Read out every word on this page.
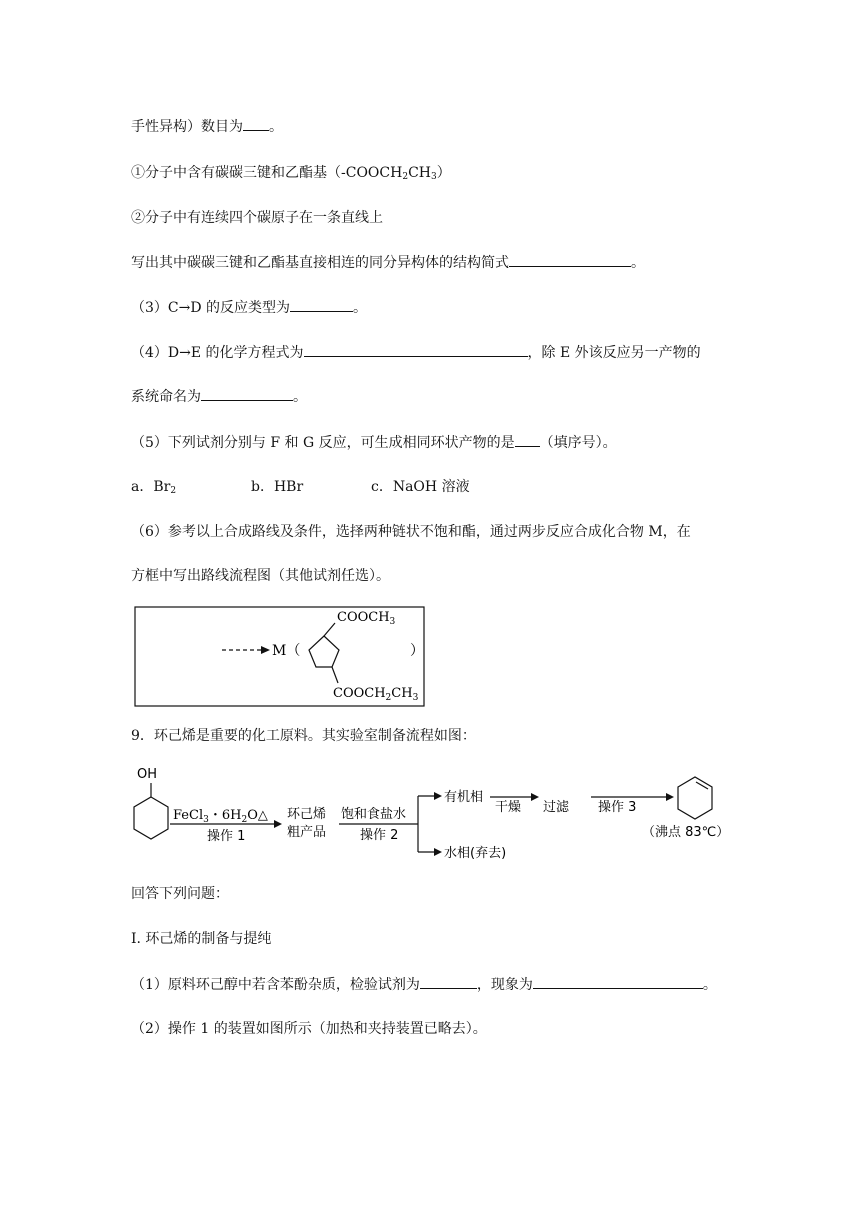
手性异构）数目为 。
①分子中含有碳碳三键和乙酯基$(-COOCH_2CH_3)$
②分子中有连续四个碳原子在一条直线上
写出其中碳碳三键和乙酯基直接相连的同分异构体的结构简式	。
（3）C→D 的反应类型为	。
（4）D→E 的化学方程式为	，除 E 外该反应另一产物的
系统命名为	。
（5）下列试剂分别与 F 和 G 反应，可生成相同环状产物的是 （填序号）。
a．$Br_2$	b．HBr	c．NaOH 溶液
（6）参考以上合成路线及条件，选择两种链状不饱和酯，通过两步反应合成化合物 M，在
方框中写出路线流程图（其他试剂任选）。
M（	）
$COOCH_3$
$COOCH_2CH_3$
9．环己烯是重要的化工原料。其实验室制备流程如图：
OH
FeCl$_3$・$6H_2O\triangle$
操作 1
环己烯
粗产品
饱和食盐水
操作 2
有机相
水相(弃去)
干燥 过滤 操作 3
（沸点 83℃）
回答下列问题：
I. 环己烯的制备与提纯
（1）原料环己醇中若含苯酚杂质，检验试剂为	，现象为	。
（2）操作 1 的装置如图所示（加热和夹持装置已略去）。
